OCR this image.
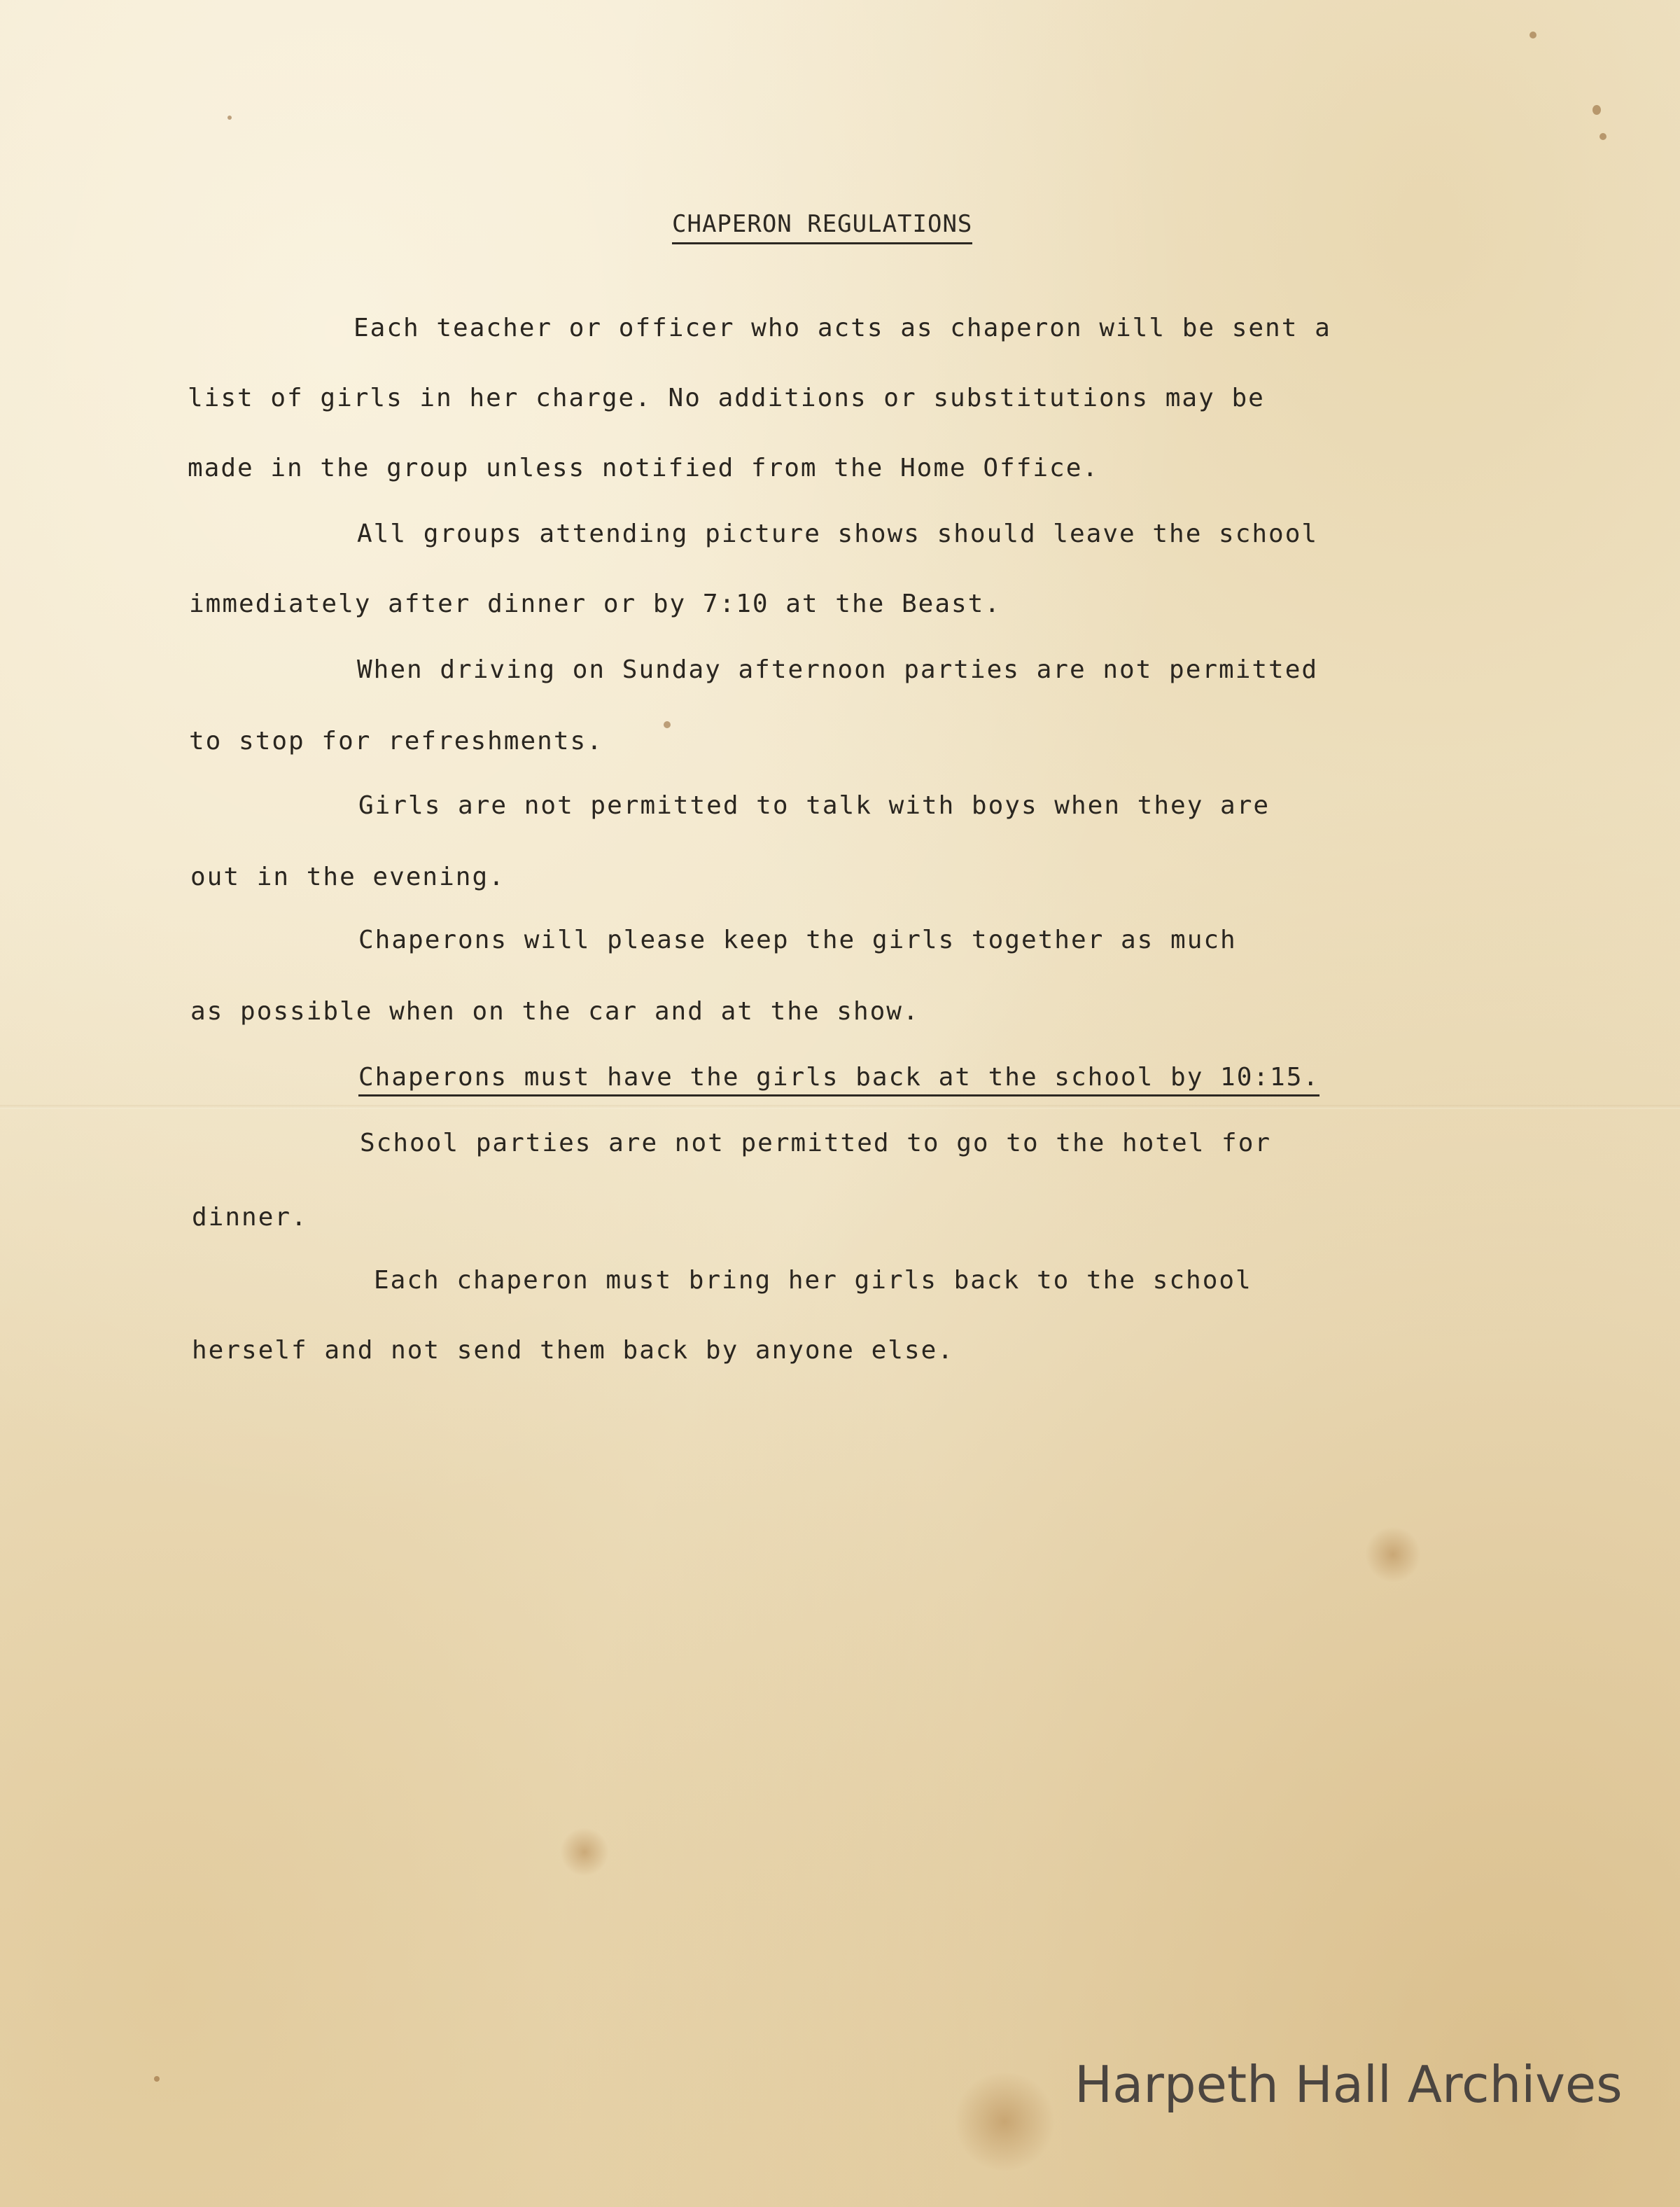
CHAPERON REGULATIONS
Each teacher or officer who acts as chaperon will be sent a
list of girls in her charge. No additions or substitutions may be
made in the group unless notified from the Home Office.
All groups attending picture shows should leave the school
immediately after dinner or by 7:10 at the Beast.
When driving on Sunday afternoon parties are not permitted
to stop for refreshments.
Girls are not permitted to talk with boys when they are
out in the evening.
Chaperons will please keep the girls together as much
as possible when on the car and at the show.
Chaperons must have the girls back at the school by 10:15.
School parties are not permitted to go to the hotel for
dinner.
Each chaperon must bring her girls back to the school
herself and not send them back by anyone else.
Harpeth Hall Archives
